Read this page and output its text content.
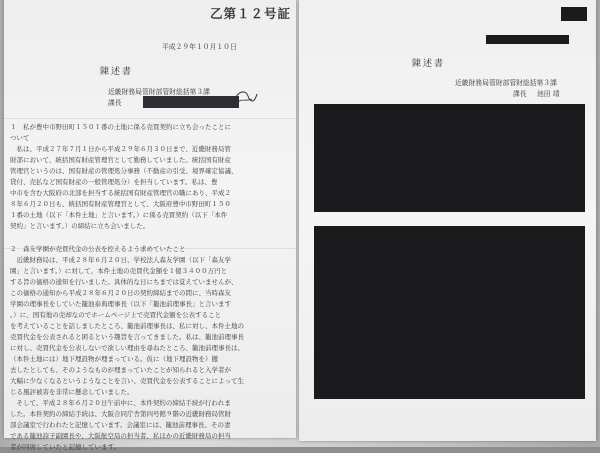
乙第１２号証
平成２９年１０月１０日
陳述書
近畿財務局管財部管財総括第３課
課長
１　私が豊中市野田町１５０１番の土地に係る売買契約に立ち会ったことに
ついて
　私は、平成２７年７月１日から平成２９年６月３０日まで、近畿財務局管
財部において、統括国有財産管理官として勤務していました。統括国有財産
管理官というのは、国有財産の管理処分事務（不動産の引受、境界確定協議、
貸付、売払など国有財産の一般管理処分）を担当しています。私は、豊
中市を含む大阪府の北部を担当する統括国有財産管理官の職にあり、平成２
８年６月２０日も、統括国有財産管理官として、大阪府豊中市野田町１５０
１番の土地（以下「本件土地」と言います。）に係る売買契約（以下「本件
契約」と言います。）の締結に立ち会いました。
２　森友学園が売買代金の公表を控えるよう求めていたこと
　近畿財務局は、平成２８年６月２０日、学校法人森友学園（以下「森友学
園」と言います。）に対して、本件土地の売買代金額を１億３４００万円と
する旨の価格の通知を行いました。具体的な日にちまでは覚えていませんが、
この価格の通知から平成２８年６月２０日の契約締結までの間に、当時森友
学園の理事長をしていた籠池泰典理事長（以下「籠池前理事長」と言います
。）に、国有地の売却なのでホームページ上で売買代金額を公表すること
を考えていることを話しましたところ、籠池前理事長は、私に対し、本件土地の
売買代金を公表されると困るという趣旨を言ってきました。私は、籠池前理事長
に対し、売買代金を公表しないで欲しい理由を尋ねたところ、籠池前理事長は、
（本件土地には）地下埋設物が埋まっている。仮に（地下埋設物を）撤
去したとしても、そのようなものが埋まっていたことが知られると入学者が
大幅に少なくなるというようなことを言い、売買代金を公表することによって生
じる風評被害を非常に懸念していました。
　そして、平成２８年６月２０日午前中に、本件契約の締結手続が行われま
した。本件契約の締結手続は、大阪合同庁舎第四号館９階の近畿財務局管財
部会議室で行われたと記憶しています。会議室には、籠池前理事長、その妻
である籠池諄子副園長や、大阪航空局の担当者、私ほかの近畿財務局の担当
者が同席していたと記憶しています。
陳述書
近畿財務局管財部管財総括第３課
課長 池田 靖
